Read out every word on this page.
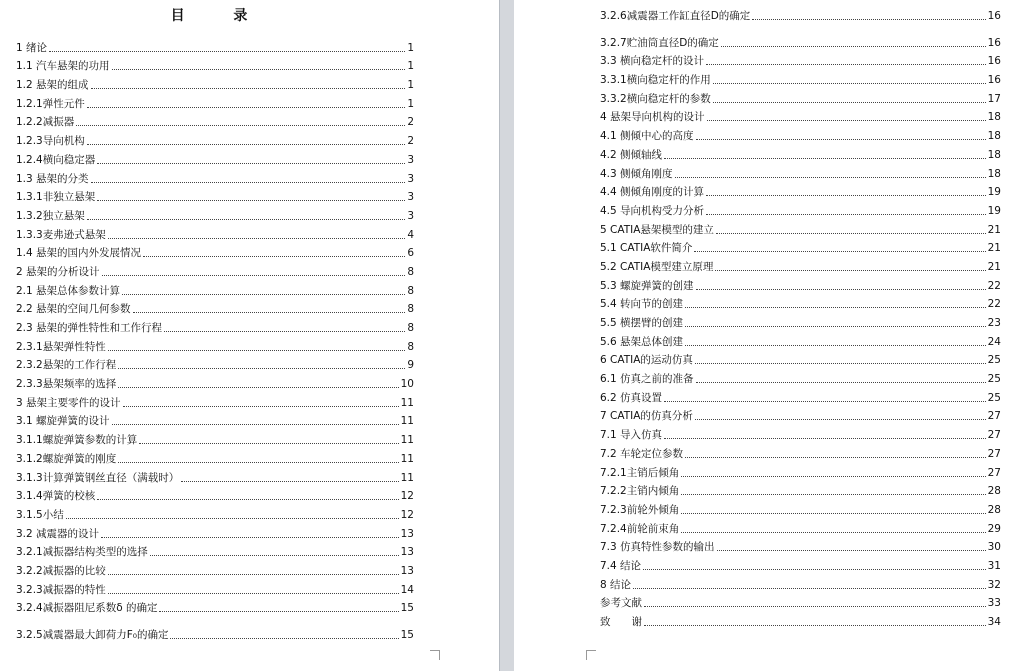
目 录
1 绪论	1
1.1 汽车悬架的功用	1
1.2 悬架的组成	1
1.2.1弹性元件	1
1.2.2减振器	2
1.2.3导向机构	2
1.2.4横向稳定器	3
1.3 悬架的分类	3
1.3.1非独立悬架	3
1.3.2独立悬架	3
1.3.3麦弗逊式悬架	4
1.4 悬架的国内外发展情况	6
2 悬架的分析设计	8
2.1 悬架总体参数计算	8
2.2 悬架的空间几何参数	8
2.3 悬架的弹性特性和工作行程	8
2.3.1悬架弹性特性	8
2.3.2悬架的工作行程	9
2.3.3悬架频率的选择	10
3 悬架主要零件的设计	11
3.1 螺旋弹簧的设计	11
3.1.1螺旋弹簧参数的计算	11
3.1.2螺旋弹簧的刚度	11
3.1.3计算弹簧钢丝直径（满载时）	11
3.1.4弹簧的校核	12
3.1.5小结	12
3.2 减震器的设计	13
3.2.1减振器结构类型的选择	13
3.2.2减振器的比较	13
3.2.3减振器的特性	14
3.2.4减振器阻尼系数δ 的确定	15
3.2.5减震器最大卸荷力F₀的确定	15
3.2.6减震器工作缸直径D的确定	16
3.2.7贮油筒直径D的确定	16
3.3 横向稳定杆的设计	16
3.3.1横向稳定杆的作用	16
3.3.2横向稳定杆的参数	17
4 悬架导向机构的设计	18
4.1 侧倾中心的高度	18
4.2 侧倾轴线	18
4.3 侧倾角刚度	18
4.4 侧倾角刚度的计算	19
4.5 导向机构受力分析	19
5 CATIA悬架模型的建立	21
5.1 CATIA软件简介	21
5.2 CATIA模型建立原理	21
5.3 螺旋弹簧的创建	22
5.4 转向节的创建	22
5.5 横摆臂的创建	23
5.6 悬架总体创建	24
6 CATIA的运动仿真	25
6.1 仿真之前的准备	25
6.2 仿真设置	25
7 CATIA的仿真分析	27
7.1 导入仿真	27
7.2 车轮定位参数	27
7.2.1主销后倾角	27
7.2.2主销内倾角	28
7.2.3前轮外倾角	28
7.2.4前轮前束角	29
7.3 仿真特性参数的输出	30
7.4 结论	31
8 结论	32
参考文献	33
致　　谢	34
